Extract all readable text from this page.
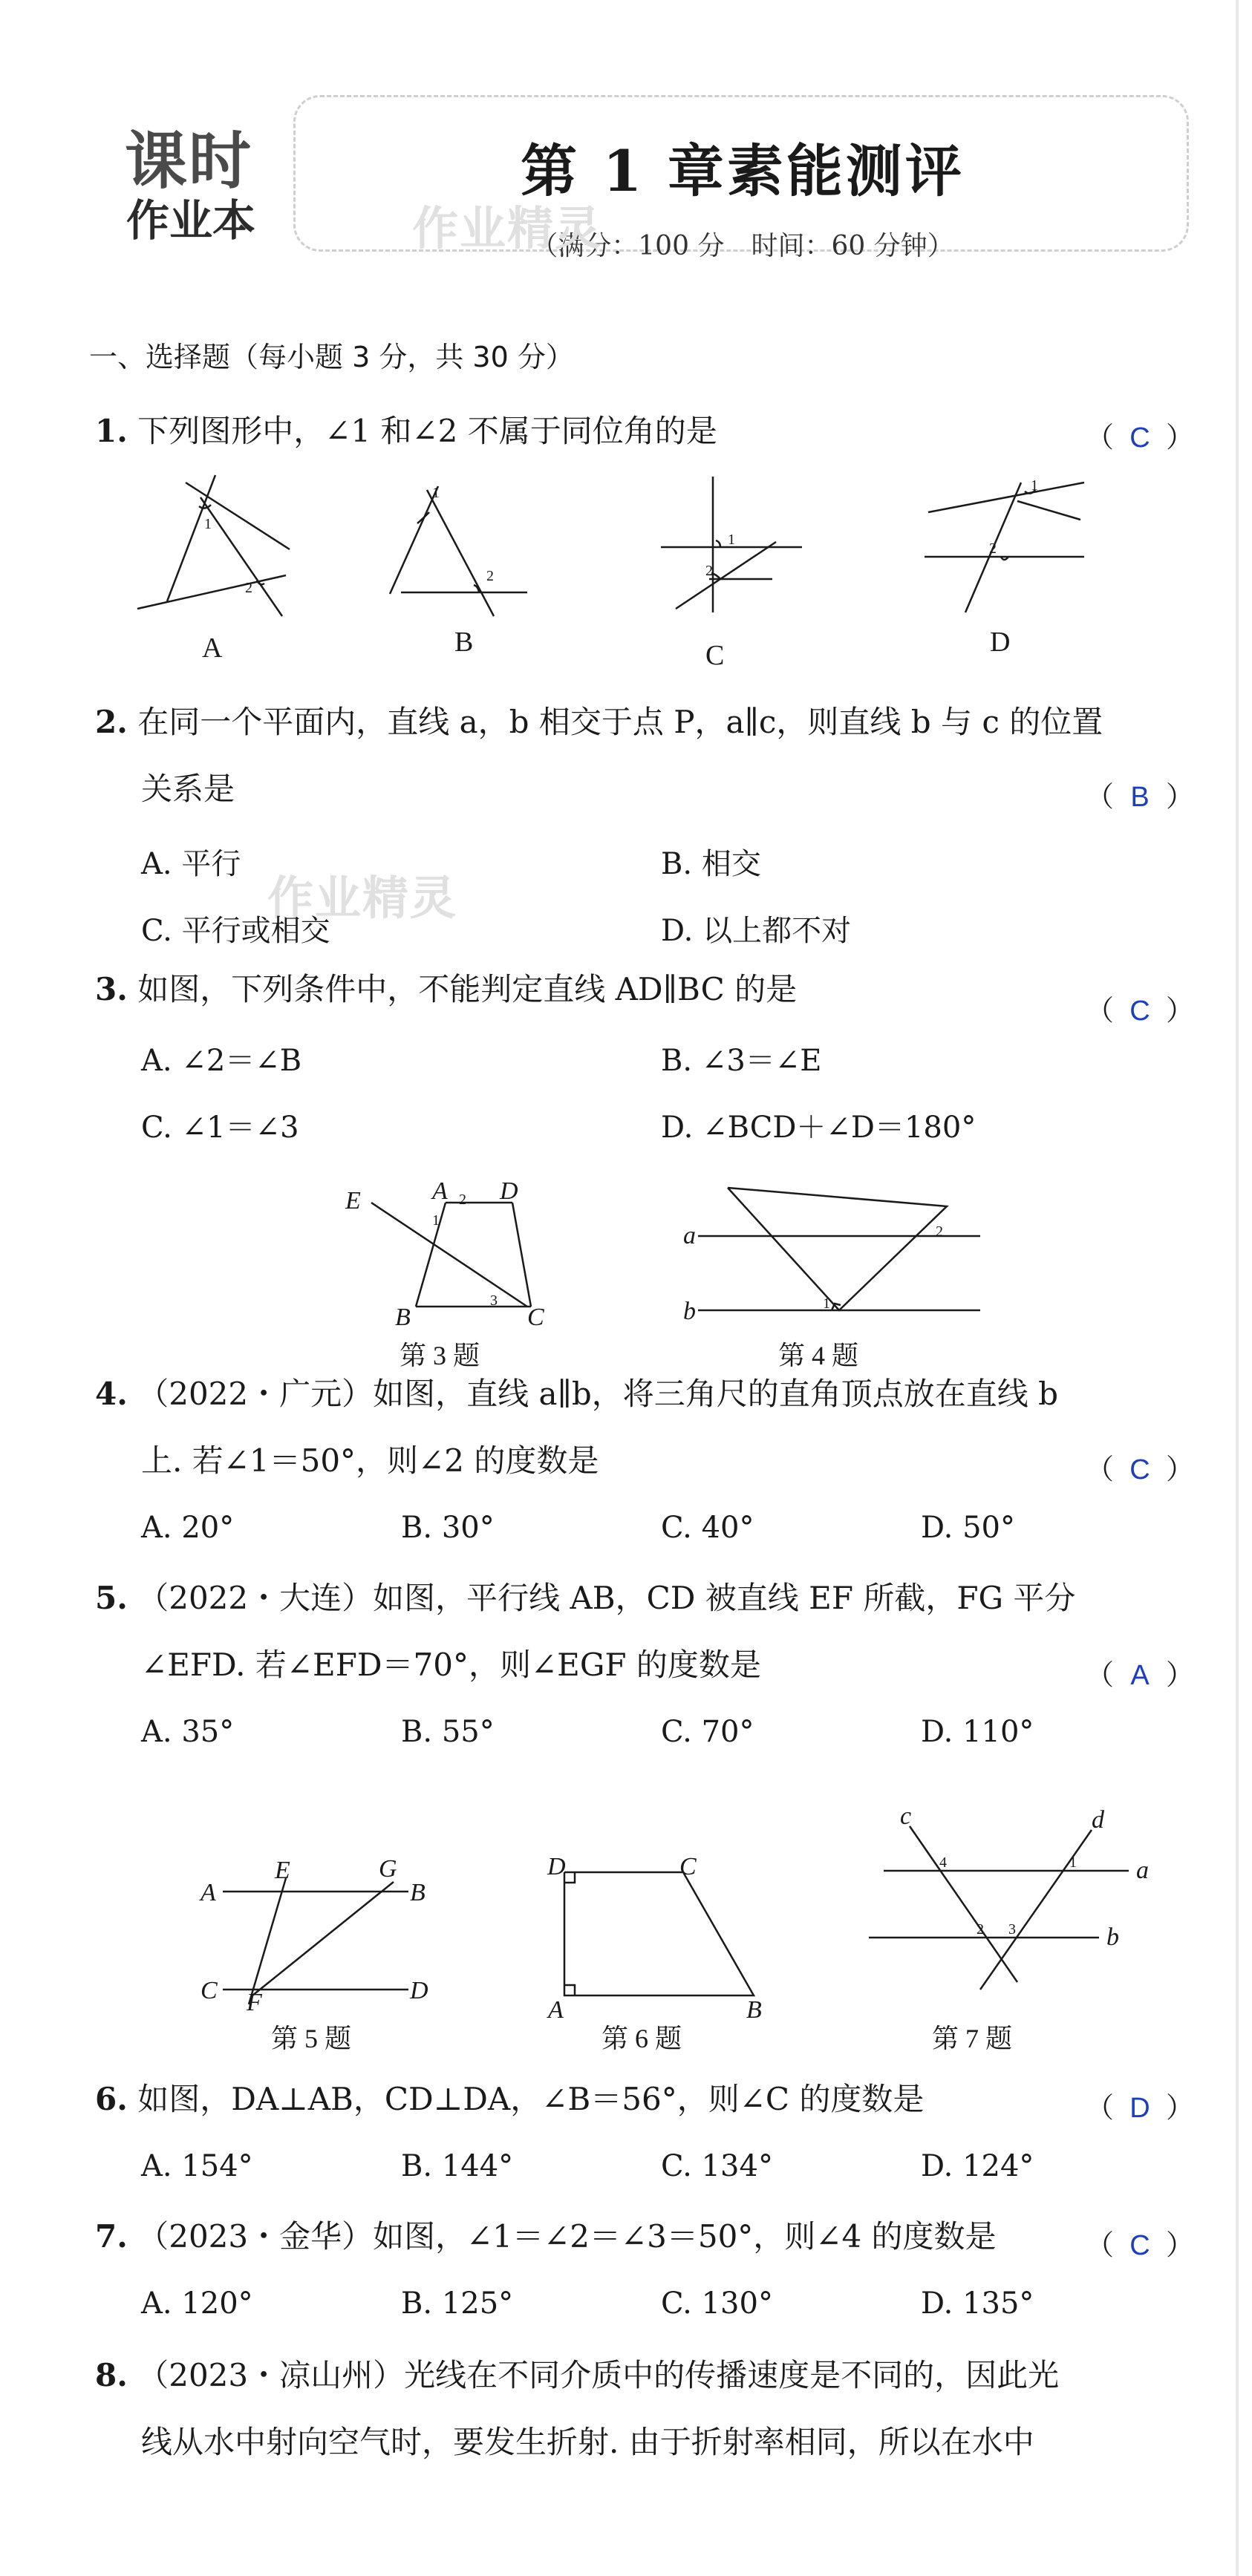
课时
作业本
第 1 章素能测评
（满分：100 分　时间：60 分钟）
作业精灵
作业精灵
一、选择题（每小题 3 分，共 30 分）
1. 下列图形中，∠1 和∠2 不属于同位角的是	（ C ）
1
2
1
2
1
2
1
2
A	B	C	D
2. 在同一个平面内，直线 a，b 相交于点 P，a∥c，则直线 b 与 c 的位置
关系是	（ B ）
A. 平行	B. 相交
C. 平行或相交	D. 以上都不对
3. 如图，下列条件中，不能判定直线 AD∥BC 的是
（ C ）
A. ∠2＝∠B	B. ∠3＝∠E
C. ∠1＝∠3	D. ∠BCD＋∠D＝180°
E	A D
B	C
a
b
2
1
3	1
2
第 3 题	第 4 题
4. （2022・广元）如图，直线 a∥b，将三角尺的直角顶点放在直线 b
上. 若∠1＝50°，则∠2 的度数是	（ C ）
A. 20°	B. 30°	C. 40°	D. 50°
5. （2022・大连）如图，平行线 AB，CD 被直线 EF 所截，FG 平分
∠EFD. 若∠EFD＝70°，则∠EGF 的度数是	（ A ）
A. 35°	B. 55°	C. 70°	D. 110°
A
E	G
B
C F	D
D	C
A	B
c	d
a
b
4	1
2 3
第 5 题	第 6 题	第 7 题
6. 如图，DA⊥AB，CD⊥DA，∠B＝56°，则∠C 的度数是	（ D ）
A. 154°	B. 144°	C. 134°	D. 124°
7. （2023・金华）如图，∠1＝∠2＝∠3＝50°，则∠4 的度数是	（ C ）
A. 120°	B. 125°	C. 130°	D. 135°
8. （2023・凉山州）光线在不同介质中的传播速度是不同的，因此光
线从水中射向空气时，要发生折射. 由于折射率相同，所以在水中
